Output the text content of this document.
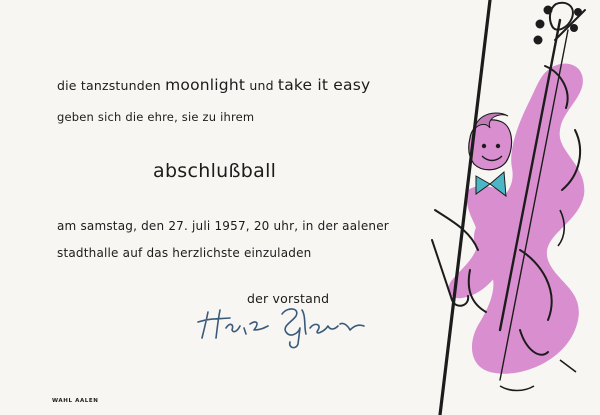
die tanzstunden moonlight und take it easy
geben sich die ehre, sie zu ihrem
abschlußball
am samstag, den 27. juli 1957, 20 uhr, in der aalener
stadthalle auf das herzlichste einzuladen
der vorstand
WAHL AALEN
